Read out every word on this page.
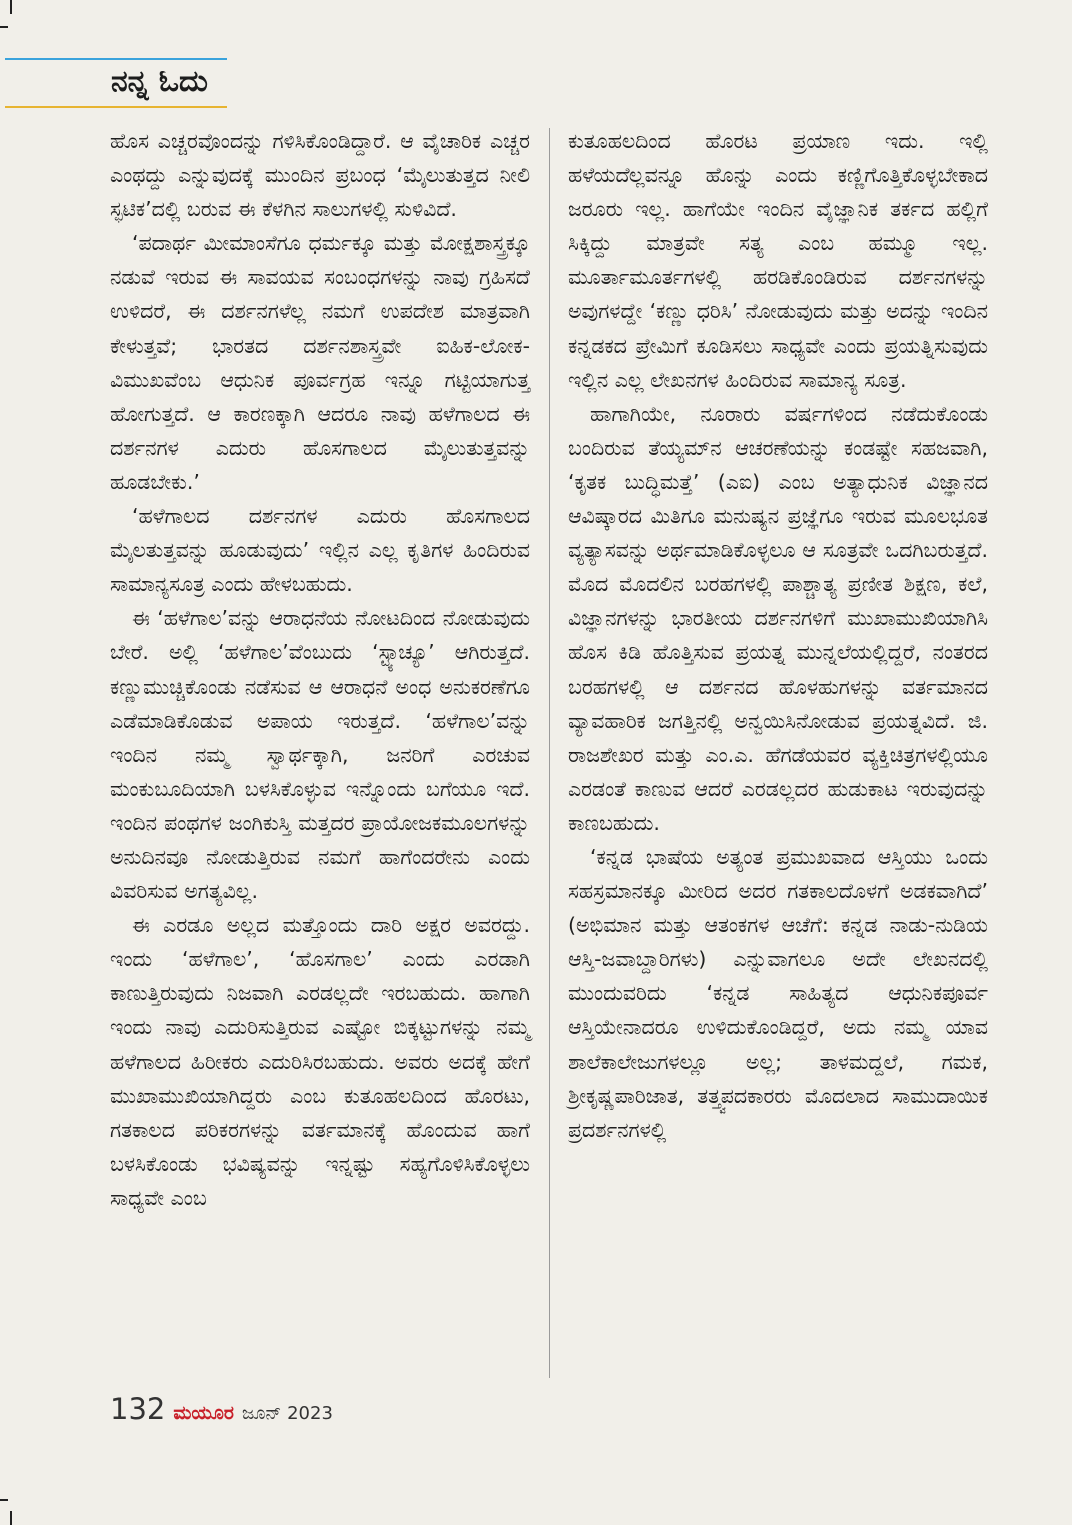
ನನ್ನ ಓದು

ಹೊಸ ಎಚ್ಚರವೊಂದನ್ನು ಗಳಿಸಿಕೊಂಡಿದ್ದಾರೆ. ಆ ವೈಚಾರಿಕ ಎಚ್ಚರ ಎಂಥದ್ದು ಎನ್ನುವುದಕ್ಕೆ ಮುಂದಿನ ಪ್ರಬಂಧ ‘ಮೈಲುತುತ್ತದ ನೀಲಿ ಸ್ಫಟಿಕ’ದಲ್ಲಿ ಬರುವ ಈ ಕೆಳಗಿನ ಸಾಲುಗಳಲ್ಲಿ ಸುಳಿವಿದೆ.

‘ಪದಾರ್ಥ ಮೀಮಾಂಸೆಗೂ ಧರ್ಮಕ್ಕೂ ಮತ್ತು ಮೋಕ್ಷಶಾಸ್ತ್ರಕ್ಕೂ ನಡುವೆ ಇರುವ ಈ ಸಾವಯವ ಸಂಬಂಧಗಳನ್ನು ನಾವು ಗ್ರಹಿಸದೆ ಉಳಿದರೆ, ಈ ದರ್ಶನಗಳೆಲ್ಲ ನಮಗೆ ಉಪದೇಶ ಮಾತ್ರವಾಗಿ ಕೇಳುತ್ತವೆ; ಭಾರತದ ದರ್ಶನಶಾಸ್ತ್ರವೇ ಐಹಿಕ-ಲೋಕ-ವಿಮುಖವೆಂಬ ಆಧುನಿಕ ಪೂರ್ವಗ್ರಹ ಇನ್ನೂ ಗಟ್ಟಿಯಾಗುತ್ತ ಹೋಗುತ್ತದೆ. ಆ ಕಾರಣಕ್ಕಾಗಿ ಆದರೂ ನಾವು ಹಳೆಗಾಲದ ಈ ದರ್ಶನಗಳ ಎದುರು ಹೊಸಗಾಲದ ಮೈಲುತುತ್ತವನ್ನು ಹೂಡಬೇಕು.’

‘ಹಳೆಗಾಲದ ದರ್ಶನಗಳ ಎದುರು ಹೊಸಗಾಲದ ಮೈಲತುತ್ತವನ್ನು ಹೂಡುವುದು’ ಇಲ್ಲಿನ ಎಲ್ಲ ಕೃತಿಗಳ ಹಿಂದಿರುವ ಸಾಮಾನ್ಯಸೂತ್ರ ಎಂದು ಹೇಳಬಹುದು.

ಈ ‘ಹಳೆಗಾಲ’ವನ್ನು ಆರಾಧನೆಯ ನೋಟದಿಂದ ನೋಡುವುದು ಬೇರೆ. ಅಲ್ಲಿ ‘ಹಳೆಗಾಲ’ವೆಂಬುದು ‘ಸ್ಟ್ಯಾಚ್ಯೂ’ ಆಗಿರುತ್ತದೆ. ಕಣ್ಣುಮುಚ್ಚಿಕೊಂಡು ನಡೆಸುವ ಆ ಆರಾಧನೆ ಅಂಧ ಅನುಕರಣೆಗೂ ಎಡೆಮಾಡಿಕೊಡುವ ಅಪಾಯ ಇರುತ್ತದೆ. ‘ಹಳೆಗಾಲ’ವನ್ನು ಇಂದಿನ ನಮ್ಮ ಸ್ವಾರ್ಥಕ್ಕಾಗಿ, ಜನರಿಗೆ ಎರಚುವ ಮಂಕುಬೂದಿಯಾಗಿ ಬಳಸಿಕೊಳ್ಳುವ ಇನ್ನೊಂದು ಬಗೆಯೂ ಇದೆ. ಇಂದಿನ ಪಂಥಗಳ ಜಂಗಿಕುಸ್ತಿ ಮತ್ತದರ ಪ್ರಾಯೋಜಕಮೂಲಗಳನ್ನು ಅನುದಿನವೂ ನೋಡುತ್ತಿರುವ ನಮಗೆ ಹಾಗೆಂದರೇನು ಎಂದು ವಿವರಿಸುವ ಅಗತ್ಯವಿಲ್ಲ.

ಈ ಎರಡೂ ಅಲ್ಲದ ಮತ್ತೊಂದು ದಾರಿ ಅಕ್ಷರ ಅವರದ್ದು. ಇಂದು ‘ಹಳೆಗಾಲ’, ‘ಹೊಸಗಾಲ’ ಎಂದು ಎರಡಾಗಿ ಕಾಣುತ್ತಿರುವುದು ನಿಜವಾಗಿ ಎರಡಲ್ಲದೇ ಇರಬಹುದು. ಹಾಗಾಗಿ ಇಂದು ನಾವು ಎದುರಿಸುತ್ತಿರುವ ಎಷ್ಟೋ ಬಿಕ್ಕಟ್ಟುಗಳನ್ನು ನಮ್ಮ ಹಳೆಗಾಲದ ಹಿರೀಕರು ಎದುರಿಸಿರಬಹುದು. ಅವರು ಅದಕ್ಕೆ ಹೇಗೆ ಮುಖಾಮುಖಿಯಾಗಿದ್ದರು ಎಂಬ ಕುತೂಹಲದಿಂದ ಹೊರಟು, ಗತಕಾಲದ ಪರಿಕರಗಳನ್ನು ವರ್ತಮಾನಕ್ಕೆ ಹೊಂದುವ ಹಾಗೆ ಬಳಸಿಕೊಂಡು ಭವಿಷ್ಯವನ್ನು ಇನ್ನಷ್ಟು ಸಹ್ಯಗೊಳಿಸಿಕೊಳ್ಳಲು ಸಾಧ್ಯವೇ ಎಂಬ

ಕುತೂಹಲದಿಂದ ಹೊರಟ ಪ್ರಯಾಣ ಇದು. ಇಲ್ಲಿ ಹಳೆಯದೆಲ್ಲವನ್ನೂ ಹೊನ್ನು ಎಂದು ಕಣ್ಣಿಗೊತ್ತಿಕೊಳ್ಳಬೇಕಾದ ಜರೂರು ಇಲ್ಲ. ಹಾಗೆಯೇ ಇಂದಿನ ವೈಜ್ಞಾನಿಕ ತರ್ಕದ ಹಲ್ಲಿಗೆ ಸಿಕ್ಕಿದ್ದು ಮಾತ್ರವೇ ಸತ್ಯ ಎಂಬ ಹಮ್ಮೂ ಇಲ್ಲ. ಮೂರ್ತಾಮೂರ್ತಗಳಲ್ಲಿ ಹರಡಿಕೊಂಡಿರುವ ದರ್ಶನಗಳನ್ನು ಅವುಗಳದ್ದೇ ‘ಕಣ್ಣು ಧರಿಸಿ’ ನೋಡುವುದು ಮತ್ತು ಅದನ್ನು ಇಂದಿನ ಕನ್ನಡಕದ ಪ್ರೇಮಿಗೆ ಕೂಡಿಸಲು ಸಾಧ್ಯವೇ ಎಂದು ಪ್ರಯತ್ನಿಸುವುದು ಇಲ್ಲಿನ ಎಲ್ಲ ಲೇಖನಗಳ ಹಿಂದಿರುವ ಸಾಮಾನ್ಯ ಸೂತ್ರ.

ಹಾಗಾಗಿಯೇ, ನೂರಾರು ವರ್ಷಗಳಿಂದ ನಡೆದುಕೊಂಡು ಬಂದಿರುವ ತೆಯ್ಯಮ್‌ನ ಆಚರಣೆಯನ್ನು ಕಂಡಷ್ಟೇ ಸಹಜವಾಗಿ, ‘ಕೃತಕ ಬುದ್ಧಿಮತ್ತೆ’ (ಎಐ) ಎಂಬ ಅತ್ಯಾಧುನಿಕ ವಿಜ್ಞಾನದ ಆವಿಷ್ಕಾರದ ಮಿತಿಗೂ ಮನುಷ್ಯನ ಪ್ರಜ್ಞೆಗೂ ಇರುವ ಮೂಲಭೂತ ವ್ಯತ್ಯಾಸವನ್ನು ಅರ್ಥಮಾಡಿಕೊಳ್ಳಲೂ ಆ ಸೂತ್ರವೇ ಒದಗಿಬರುತ್ತದೆ. ಮೊದ ಮೊದಲಿನ ಬರಹಗಳಲ್ಲಿ ಪಾಶ್ಚಾತ್ಯ ಪ್ರಣೀತ ಶಿಕ್ಷಣ, ಕಲೆ, ವಿಜ್ಞಾನಗಳನ್ನು ಭಾರತೀಯ ದರ್ಶನಗಳಿಗೆ ಮುಖಾಮುಖಿಯಾಗಿಸಿ ಹೊಸ ಕಿಡಿ ಹೊತ್ತಿಸುವ ಪ್ರಯತ್ನ ಮುನ್ನಲೆಯಲ್ಲಿದ್ದರೆ, ನಂತರದ ಬರಹಗಳಲ್ಲಿ ಆ ದರ್ಶನದ ಹೊಳಹುಗಳನ್ನು ವರ್ತಮಾನದ ವ್ಯಾವಹಾರಿಕ ಜಗತ್ತಿನಲ್ಲಿ ಅನ್ವಯಿಸಿನೋಡುವ ಪ್ರಯತ್ನವಿದೆ. ಜಿ. ರಾಜಶೇಖರ ಮತ್ತು ಎಂ.ಎ. ಹೆಗಡೆಯವರ ವ್ಯಕ್ತಿಚಿತ್ರಗಳಲ್ಲಿಯೂ ಎರಡಂತೆ ಕಾಣುವ ಆದರೆ ಎರಡಲ್ಲದರ ಹುಡುಕಾಟ ಇರುವುದನ್ನು ಕಾಣಬಹುದು.

‘ಕನ್ನಡ ಭಾಷೆಯ ಅತ್ಯಂತ ಪ್ರಮುಖವಾದ ಆಸ್ತಿಯು ಒಂದು ಸಹಸ್ರಮಾನಕ್ಕೂ ಮೀರಿದ ಅದರ ಗತಕಾಲದೊಳಗೆ ಅಡಕವಾಗಿದೆ’ (ಅಭಿಮಾನ ಮತ್ತು ಆತಂಕಗಳ ಆಚೆಗೆ: ಕನ್ನಡ ನಾಡು-ನುಡಿಯ ಆಸ್ತಿ-ಜವಾಬ್ದಾರಿಗಳು) ಎನ್ನುವಾಗಲೂ ಅದೇ ಲೇಖನದಲ್ಲಿ ಮುಂದುವರಿದು ‘ಕನ್ನಡ ಸಾಹಿತ್ಯದ ಆಧುನಿಕಪೂರ್ವ ಆಸ್ತಿಯೇನಾದರೂ ಉಳಿದುಕೊಂಡಿದ್ದರೆ, ಅದು ನಮ್ಮ ಯಾವ ಶಾಲೆಕಾಲೇಜುಗಳಲ್ಲೂ ಅಲ್ಲ; ತಾಳಮದ್ದಲೆ, ಗಮಕ, ಶ್ರೀಕೃಷ್ಣಪಾರಿಜಾತ, ತತ್ತ್ವಪದಕಾರರು ಮೊದಲಾದ ಸಾಮುದಾಯಿಕ ಪ್ರದರ್ಶನಗಳಲ್ಲಿ

132 ಮಯೂರ ಜೂನ್ 2023
